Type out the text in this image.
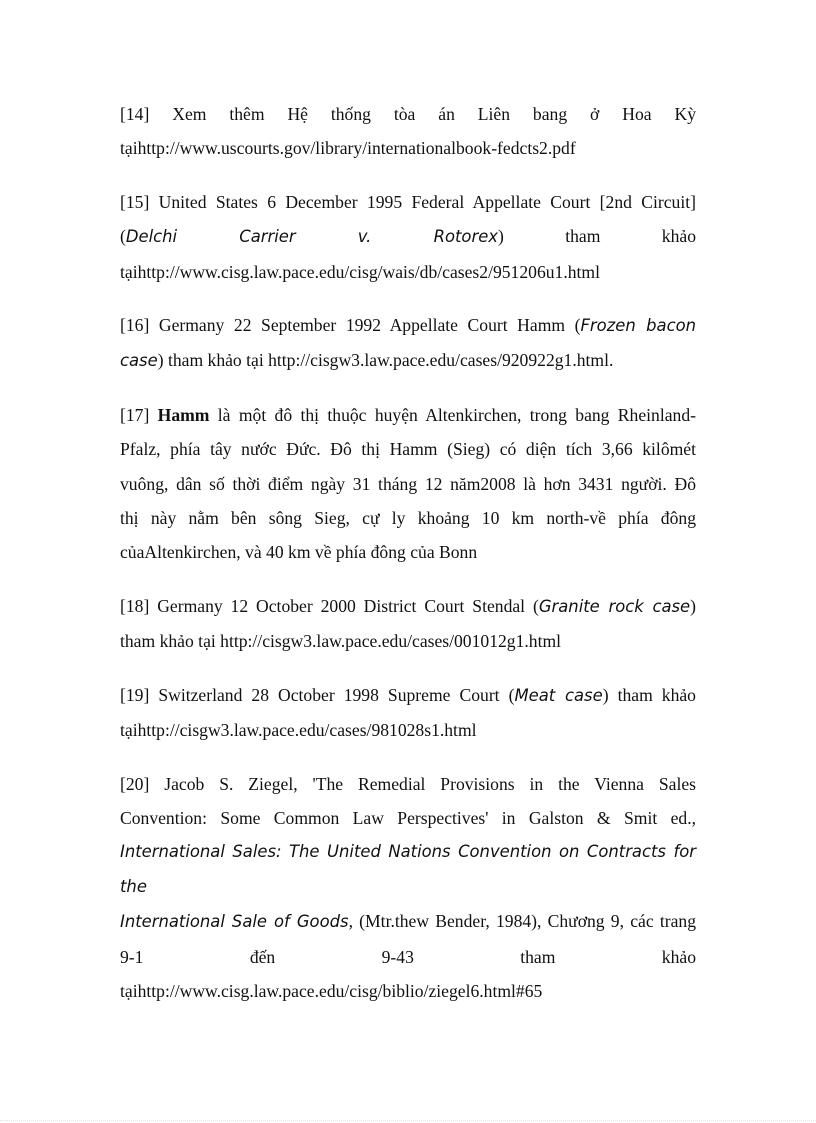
[14] Xem thêm Hệ thống tòa án Liên bang ở Hoa Kỳ
tạihttp://www.uscourts.gov/library/internationalbook-fedcts2.pdf

[15] United States 6 December 1995 Federal Appellate Court [2nd Circuit]
(Delchi Carrier v. Rotorex) tham khảo
tạihttp://www.cisg.law.pace.edu/cisg/wais/db/cases2/951206u1.html

[16] Germany 22 September 1992 Appellate Court Hamm (Frozen bacon
case) tham khảo tại http://cisgw3.law.pace.edu/cases/920922g1.html.

[17] Hamm là một đô thị thuộc huyện Altenkirchen, trong bang Rheinland-
Pfalz, phía tây nước Đức. Đô thị Hamm (Sieg) có diện tích 3,66 kilômét
vuông, dân số thời điểm ngày 31 tháng 12 năm2008 là hơn 3431 người. Đô
thị này nằm bên sông Sieg, cự ly khoảng 10 km north-về phía đông
củaAltenkirchen, và 40 km về phía đông của Bonn

[18] Germany 12 October 2000 District Court Stendal (Granite rock case)
tham khảo tại http://cisgw3.law.pace.edu/cases/001012g1.html

[19] Switzerland 28 October 1998 Supreme Court (Meat case) tham khảo
tạihttp://cisgw3.law.pace.edu/cases/981028s1.html

[20] Jacob S. Ziegel, 'The Remedial Provisions in the Vienna Sales
Convention: Some Common Law Perspectives' in Galston & Smit ed.,
International Sales: The United Nations Convention on Contracts for the
International Sale of Goods, (Mtr.thew Bender, 1984), Chương 9, các trang
9-1 đến 9-43 tham khảo
tạihttp://www.cisg.law.pace.edu/cisg/biblio/ziegel6.html#65
